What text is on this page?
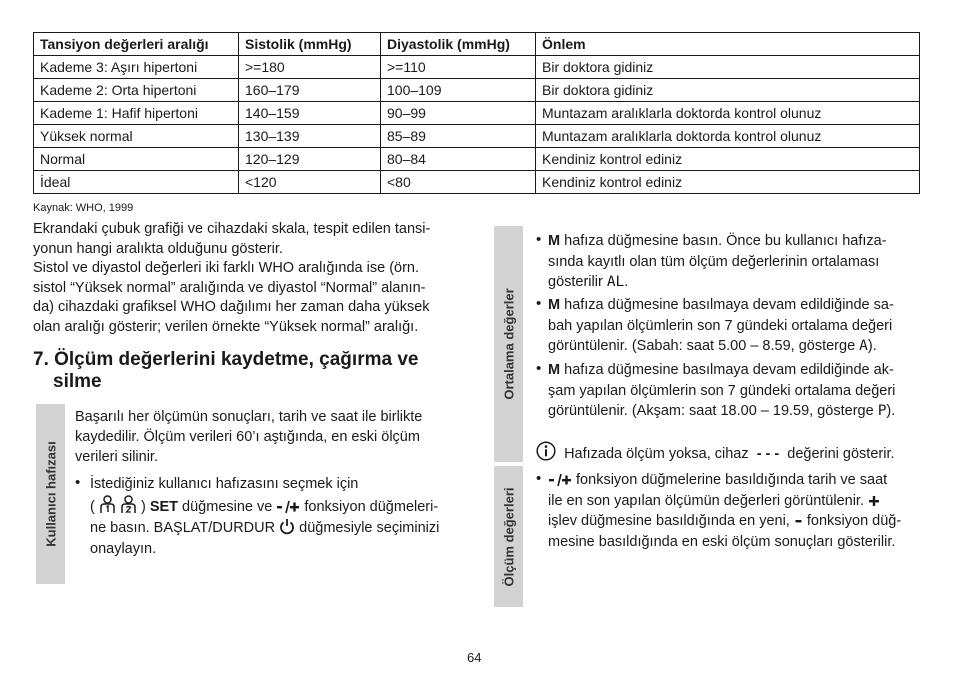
Tansiyon değerleri aralığı	Sistolik (mmHg)	Diyastolik (mmHg)	Önlem
Kademe 3: Aşırı hipertoni	>=180	>=110	Bir doktora gidiniz
Kademe 2: Orta hipertoni	160–179	100–109	Bir doktora gidiniz
Kademe 1: Hafif hipertoni	140–159	90–99	Muntazam aralıklarla doktorda kontrol olunuz
Yüksek normal	130–139	85–89	Muntazam aralıklarla doktorda kontrol olunuz
Normal	120–129	80–84	Kendiniz kontrol ediniz
İdeal	<120	<80	Kendiniz kontrol ediniz
Kaynak: WHO, 1999
Ekrandaki çubuk grafiği ve cihazdaki skala, tespit edilen tansi-
yonun hangi aralıkta olduğunu gösterir.
Sistol ve diyastol değerleri iki farklı WHO aralığında ise (örn.
sistol “Yüksek normal” aralığında ve diyastol “Normal” alanın-
da) cihazdaki grafiksel WHO dağılımı her zaman daha yüksek
olan aralığı gösterir; verilen örnekte “Yüksek normal” aralığı.
7. Ölçüm değerlerini kaydetme, çağırma ve
silme
Kullanıcı hafızası
Başarılı her ölçümün sonuçları, tarih ve saat ile birlikte
kaydedilir. Ölçüm verileri 60’ı aştığında, en eski ölçüm
verileri silinir.
• İstediğiniz kullanıcı hafızasını seçmek için
(	) SET düğmesine ve fonksiyon düğmeleri-
ne basın. BAŞLAT/DURDUR düğmesiyle seçiminizi
onaylayın.
Ortalama değerler
• M hafıza düğmesine basın. Önce bu kullanıcı hafıza-
sında kayıtlı olan tüm ölçüm değerlerinin ortalaması
gösterilir AL.
• M hafıza düğmesine basılmaya devam edildiğinde sa-
bah yapılan ölçümlerin son 7 gündeki ortalama değeri
görüntülenir. (Sabah: saat 5.00 – 8.59, gösterge A).
• M hafıza düğmesine basılmaya devam edildiğinde ak-
şam yapılan ölçümlerin son 7 gündeki ortalama değeri
görüntülenir. (Akşam: saat 18.00 – 19.59, gösterge P).
Hafızada ölçüm yoksa, cihaz - - - değerini gösterir.
Ölçüm değerleri
•	fonksiyon düğmelerine basıldığında tarih ve saat
ile en son yapılan ölçümün değerleri görüntülenir.
işlev düğmesine basıldığında en yeni, fonksiyon düğ-
mesine basıldığında en eski ölçüm sonuçları gösterilir.
64
